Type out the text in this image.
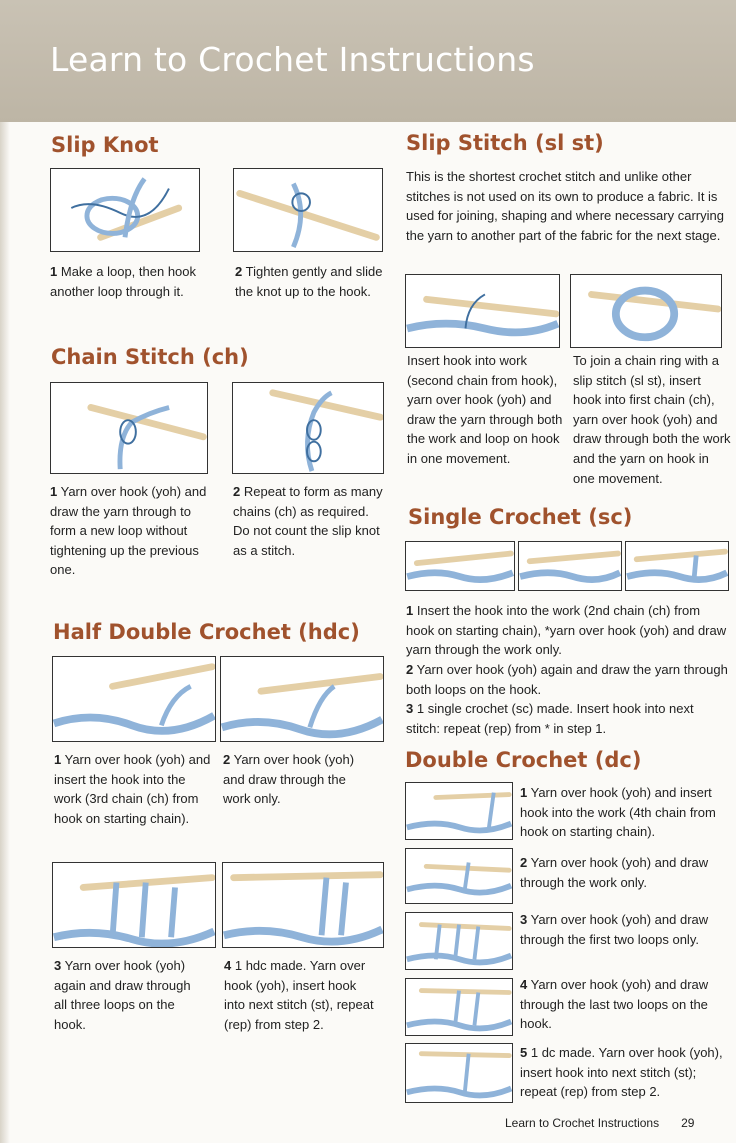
Learn to Crochet Instructions
Slip Knot
1 Make a loop, then hook another loop through it.
2 Tighten gently and slide the knot up to the hook.
Chain Stitch (ch)
1 Yarn over hook (yoh) and draw the yarn through to form a new loop without tightening up the previous one.
2 Repeat to form as many chains (ch) as required. Do not count the slip knot as a stitch.
Half Double Crochet (hdc)
1 Yarn over hook (yoh) and insert the hook into the work (3rd chain (ch) from hook on starting chain).
2 Yarn over hook (yoh) and draw through the work only.
3 Yarn over hook (yoh) again and draw through all three loops on the hook.
4 1 hdc made. Yarn over hook (yoh), insert hook into next stitch (st), repeat (rep) from step 2.
Slip Stitch (sl st)
This is the shortest crochet stitch and unlike other stitches is not used on its own to produce a fabric. It is used for joining, shaping and where necessary carrying the yarn to another part of the fabric for the next stage.
Insert hook into work (second chain from hook), yarn over hook (yoh) and draw the yarn through both the work and loop on hook in one movement.
To join a chain ring with a slip stitch (sl st), insert hook into first chain (ch), yarn over hook (yoh) and draw through both the work and the yarn on hook in one movement.
Single Crochet (sc)
1 Insert the hook into the work (2nd chain (ch) from hook on starting chain), *yarn over hook (yoh) and draw yarn through the work only.
2 Yarn over hook (yoh) again and draw the yarn through both loops on the hook.
3 1 single crochet (sc) made. Insert hook into next stitch: repeat (rep) from * in step 1.
Double Crochet (dc)
1 Yarn over hook (yoh) and insert hook into the work (4th chain from hook on starting chain).
2 Yarn over hook (yoh) and draw through the work only.
3 Yarn over hook (yoh) and draw through the first two loops only.
4 Yarn over hook (yoh) and draw through the last two loops on the hook.
5 1 dc made. Yarn over hook (yoh), insert hook into next stitch (st); repeat (rep) from step 2.
Learn to Crochet Instructions 29
